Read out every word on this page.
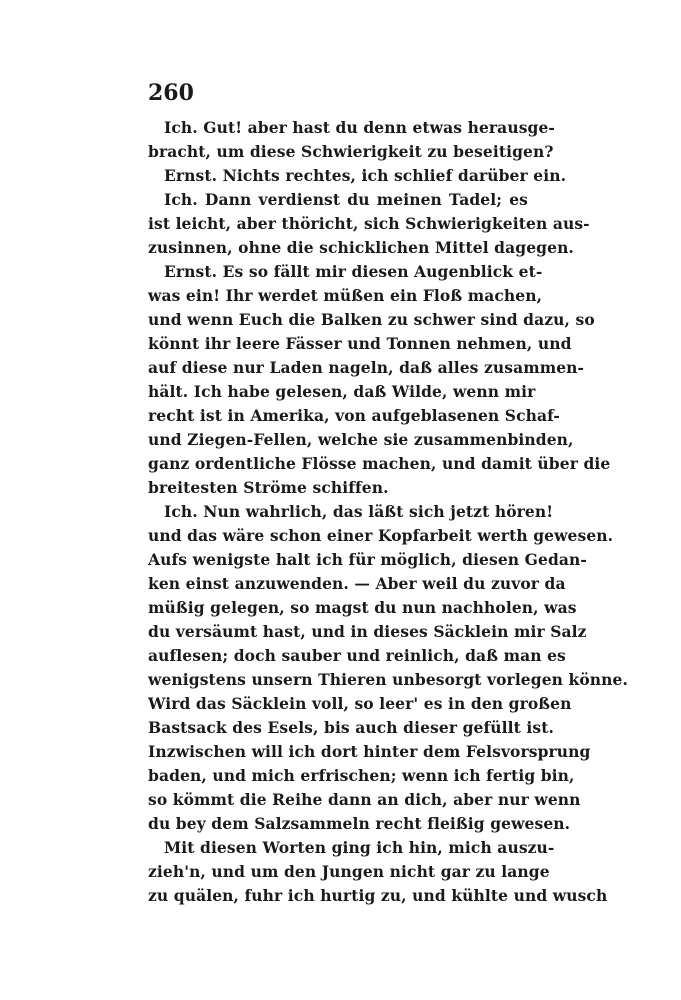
260
Ich. Gut! aber hast du denn etwas herausge-
bracht, um diese Schwierigkeit zu beseitigen?
Ernst. Nichts rechtes, ich schlief darüber ein.
Ich. Dann verdienst du meinen Tadel; es
ist leicht, aber thöricht, sich Schwierigkeiten aus-
zusinnen, ohne die schicklichen Mittel dagegen.
Ernst. Es so fällt mir diesen Augenblick et-
was ein! Ihr werdet müßen ein Floß machen,
und wenn Euch die Balken zu schwer sind dazu, so
könnt ihr leere Fässer und Tonnen nehmen, und
auf diese nur Laden nageln, daß alles zusammen-
hält. Ich habe gelesen, daß Wilde, wenn mir
recht ist in Amerika, von aufgeblasenen Schaf-
und Ziegen-Fellen, welche sie zusammenbinden,
ganz ordentliche Flösse machen, und damit über die
breitesten Ströme schiffen.
Ich. Nun wahrlich, das läßt sich jetzt hören!
und das wäre schon einer Kopfarbeit werth gewesen.
Aufs wenigste halt ich für möglich, diesen Gedan-
ken einst anzuwenden. — Aber weil du zuvor da
müßig gelegen, so magst du nun nachholen, was
du versäumt hast, und in dieses Säcklein mir Salz
auflesen; doch sauber und reinlich, daß man es
wenigstens unsern Thieren unbesorgt vorlegen könne.
Wird das Säcklein voll, so leer' es in den großen
Bastsack des Esels, bis auch dieser gefüllt ist.
Inzwischen will ich dort hinter dem Felsvorsprung
baden, und mich erfrischen; wenn ich fertig bin,
so kömmt die Reihe dann an dich, aber nur wenn
du bey dem Salzsammeln recht fleißig gewesen.
Mit diesen Worten ging ich hin, mich auszu-
zieh'n, und um den Jungen nicht gar zu lange
zu quälen, fuhr ich hurtig zu, und kühlte und wusch
